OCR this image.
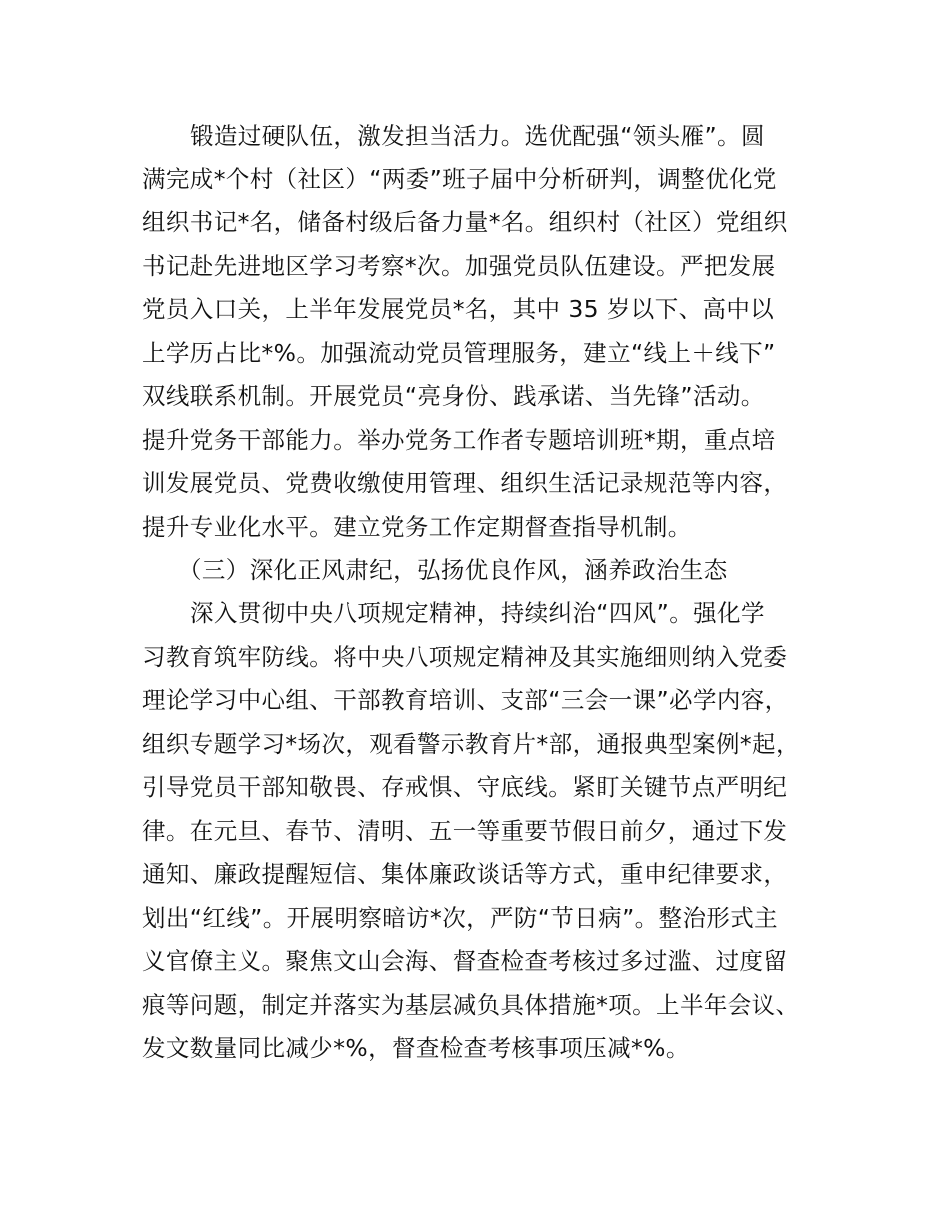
锻造过硬队伍，激发担当活力。选优配强“领头雁”。圆
满完成*个村（社区）“两委”班子届中分析研判，调整优化党
组织书记*名，储备村级后备力量*名。组织村（社区）党组织
书记赴先进地区学习考察*次。加强党员队伍建设。严把发展
党员入口关，上半年发展党员*名，其中 35 岁以下、高中以
上学历占比*%。加强流动党员管理服务，建立“线上＋线下”
双线联系机制。开展党员“亮身份、践承诺、当先锋”活动。
提升党务干部能力。举办党务工作者专题培训班*期，重点培
训发展党员、党费收缴使用管理、组织生活记录规范等内容，
提升专业化水平。建立党务工作定期督查指导机制。
（三）深化正风肃纪，弘扬优良作风，涵养政治生态
深入贯彻中央八项规定精神，持续纠治“四风”。强化学
习教育筑牢防线。将中央八项规定精神及其实施细则纳入党委
理论学习中心组、干部教育培训、支部“三会一课”必学内容，
组织专题学习*场次，观看警示教育片*部，通报典型案例*起，
引导党员干部知敬畏、存戒惧、守底线。紧盯关键节点严明纪
律。在元旦、春节、清明、五一等重要节假日前夕，通过下发
通知、廉政提醒短信、集体廉政谈话等方式，重申纪律要求，
划出“红线”。开展明察暗访*次，严防“节日病”。整治形式主
义官僚主义。聚焦文山会海、督查检查考核过多过滥、过度留
痕等问题，制定并落实为基层减负具体措施*项。上半年会议、
发文数量同比减少*%，督查检查考核事项压减*%。
